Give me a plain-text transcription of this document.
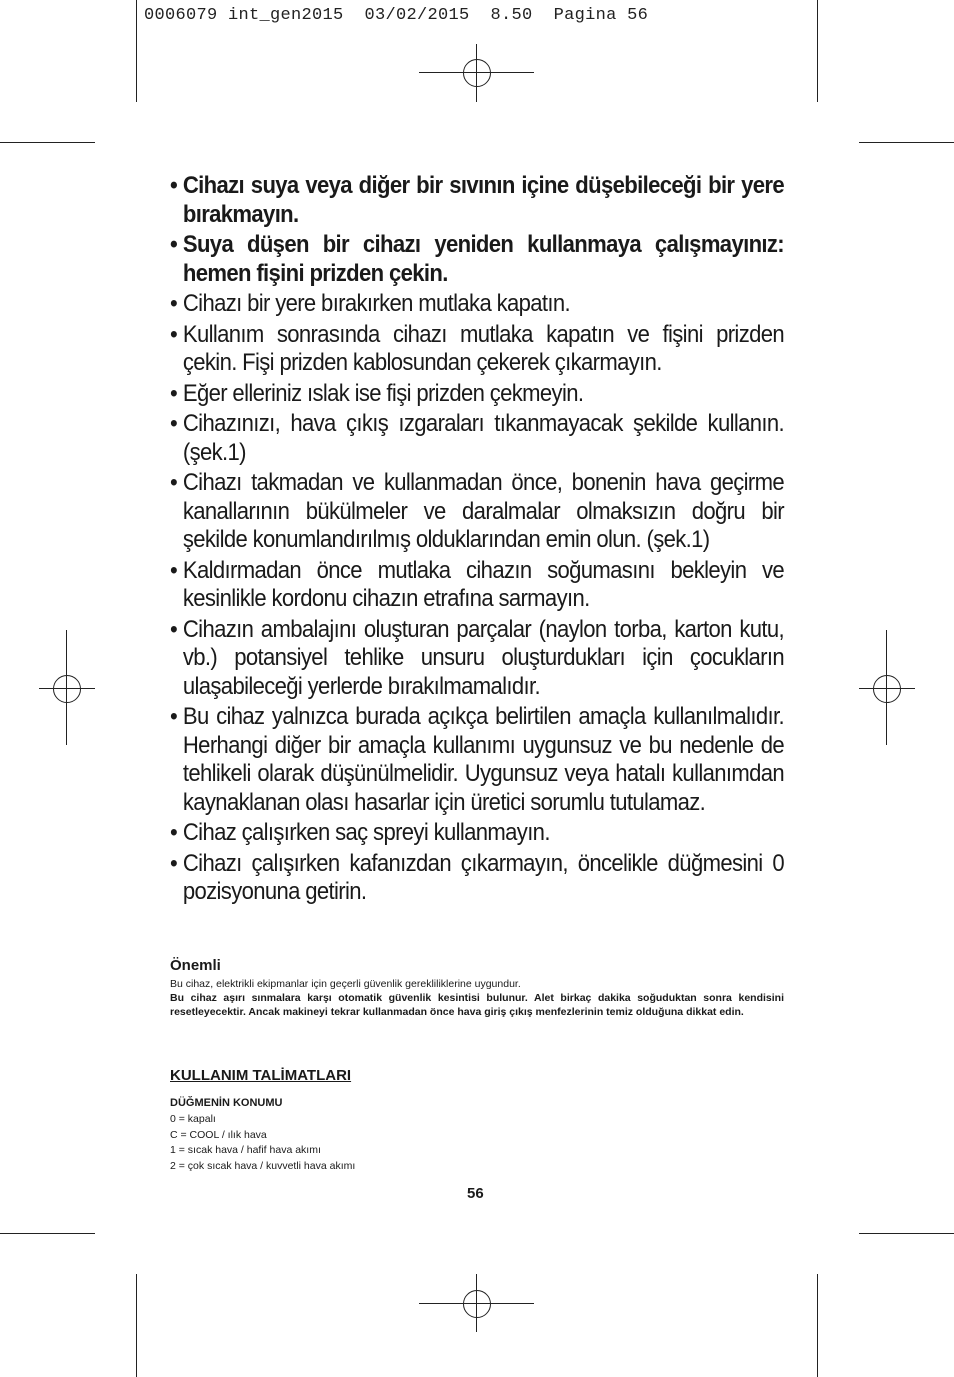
0006079 int_gen2015  03/02/2015  8.50  Pagina 56
• Cihazı suya veya diğer bir sıvının içine düşebileceği bir yere bırakmayın.
• Suya düşen bir cihazı yeniden kullanmaya çalışmayınız: hemen fişini prizden çekin.
• Cihazı bir yere bırakırken mutlaka kapatın.
• Kullanım sonrasında cihazı mutlaka kapatın ve fişini prizden çekin. Fişi prizden kablosundan çekerek çıkarmayın.
• Eğer elleriniz ıslak ise fişi prizden çekmeyin.
• Cihazınızı, hava çıkış ızgaraları tıkanmayacak şekilde kullanın. (şek.1)
• Cihazı takmadan ve kullanmadan önce, bonenin hava geçirme kanallarının bükülmeler ve daralmalar olmaksızın doğru bir şekilde konumlandırılmış olduklarından emin olun. (şek.1)
• Kaldırmadan önce mutlaka cihazın soğumasını bekleyin ve kesinlikle kordonu cihazın etrafına sarmayın.
• Cihazın ambalajını oluşturan parçalar (naylon torba, karton kutu, vb.) potansiyel tehlike unsuru oluşturdukları için çocukların ulaşabileceği yerlerde bırakılmamalıdır.
• Bu cihaz yalnızca burada açıkça belirtilen amaçla kullanılmalıdır. Herhangi diğer bir amaçla kullanımı uygunsuz ve bu nedenle de tehlikeli olarak düşünülmelidir. Uygunsuz veya hatalı kullanımdan kaynaklanan olası hasarlar için üretici sorumlu tutulamaz.
• Cihaz çalışırken saç spreyi kullanmayın.
• Cihazı çalışırken kafanızdan çıkarmayın, öncelikle düğmesini 0 pozisyonuna getirin.
Önemli
Bu cihaz, elektrikli ekipmanlar için geçerli güvenlik gerekliliklerine uygundur.
Bu cihaz aşırı sınmalara karşı otomatik güvenlik kesintisi bulunur. Alet birkaç dakika soğuduktan sonra kendisini resetleyecektir. Ancak makineyi tekrar kullanmadan önce hava giriş çıkış menfezlerinin temiz olduğuna dikkat edin.
KULLANIM TALİMATLARI
DÜĞMENİN KONUMU
0 = kapalı
C = COOL / ılık hava
1 = sıcak hava / hafif hava akımı
2 = çok sıcak hava / kuvvetli hava akımı
56
